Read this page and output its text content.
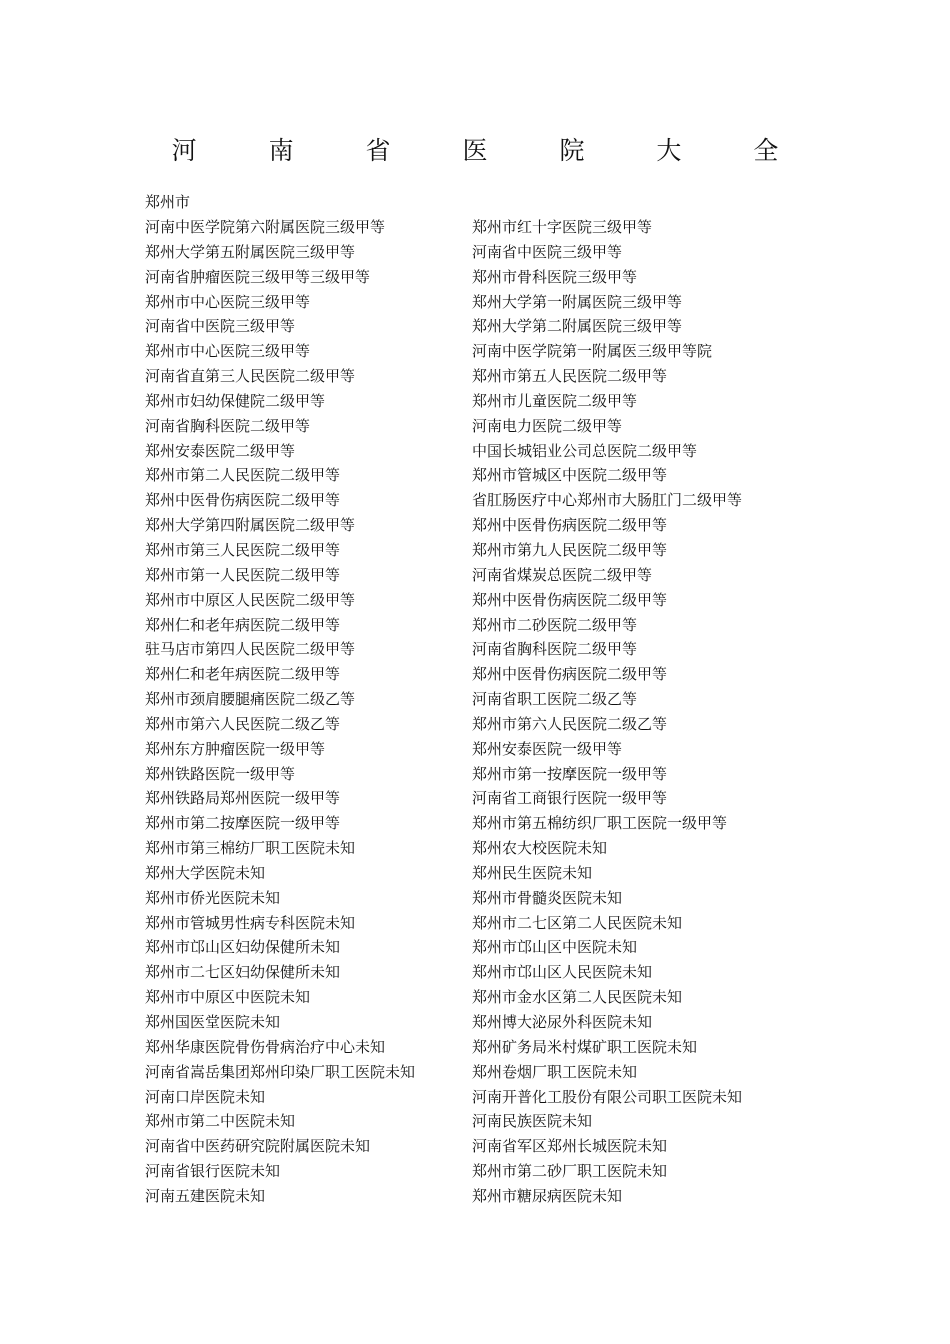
河 南 省 医 院 大 全
郑州市
河南中医学院第六附属医院三级甲等
郑州大学第五附属医院三级甲等
河南省肿瘤医院三级甲等三级甲等
郑州市中心医院三级甲等
河南省中医院三级甲等
郑州市中心医院三级甲等
河南省直第三人民医院二级甲等
郑州市妇幼保健院二级甲等
河南省胸科医院二级甲等
郑州安泰医院二级甲等
郑州市第二人民医院二级甲等
郑州中医骨伤病医院二级甲等
郑州大学第四附属医院二级甲等
郑州市第三人民医院二级甲等
郑州市第一人民医院二级甲等
郑州市中原区人民医院二级甲等
郑州仁和老年病医院二级甲等
驻马店市第四人民医院二级甲等
郑州仁和老年病医院二级甲等
郑州市颈肩腰腿痛医院二级乙等
郑州市第六人民医院二级乙等
郑州东方肿瘤医院一级甲等
郑州铁路医院一级甲等
郑州铁路局郑州医院一级甲等
郑州市第二按摩医院一级甲等
郑州市第三棉纺厂职工医院未知
郑州大学医院未知
郑州市侨光医院未知
郑州市管城男性病专科医院未知
郑州市邙山区妇幼保健所未知
郑州市二七区妇幼保健所未知
郑州市中原区中医院未知
郑州国医堂医院未知
郑州华康医院骨伤骨病治疗中心未知
河南省嵩岳集团郑州印染厂职工医院未知
河南口岸医院未知
郑州市第二中医院未知
河南省中医药研究院附属医院未知
河南省银行医院未知
河南五建医院未知
郑州市红十字医院三级甲等
河南省中医院三级甲等
郑州市骨科医院三级甲等
郑州大学第一附属医院三级甲等
郑州大学第二附属医院三级甲等
河南中医学院第一附属医三级甲等院
郑州市第五人民医院二级甲等
郑州市儿童医院二级甲等
河南电力医院二级甲等
中国长城铝业公司总医院二级甲等
郑州市管城区中医院二级甲等
省肛肠医疗中心郑州市大肠肛门二级甲等
郑州中医骨伤病医院二级甲等
郑州市第九人民医院二级甲等
河南省煤炭总医院二级甲等
郑州中医骨伤病医院二级甲等
郑州市二砂医院二级甲等
河南省胸科医院二级甲等
郑州中医骨伤病医院二级甲等
河南省职工医院二级乙等
郑州市第六人民医院二级乙等
郑州安泰医院一级甲等
郑州市第一按摩医院一级甲等
河南省工商银行医院一级甲等
郑州市第五棉纺织厂职工医院一级甲等
郑州农大校医院未知
郑州民生医院未知
郑州市骨髓炎医院未知
郑州市二七区第二人民医院未知
郑州市邙山区中医院未知
郑州市邙山区人民医院未知
郑州市金水区第二人民医院未知
郑州博大泌尿外科医院未知
郑州矿务局米村煤矿职工医院未知
郑州卷烟厂职工医院未知
河南开普化工股份有限公司职工医院未知
河南民族医院未知
河南省军区郑州长城医院未知
郑州市第二砂厂职工医院未知
郑州市糖尿病医院未知
